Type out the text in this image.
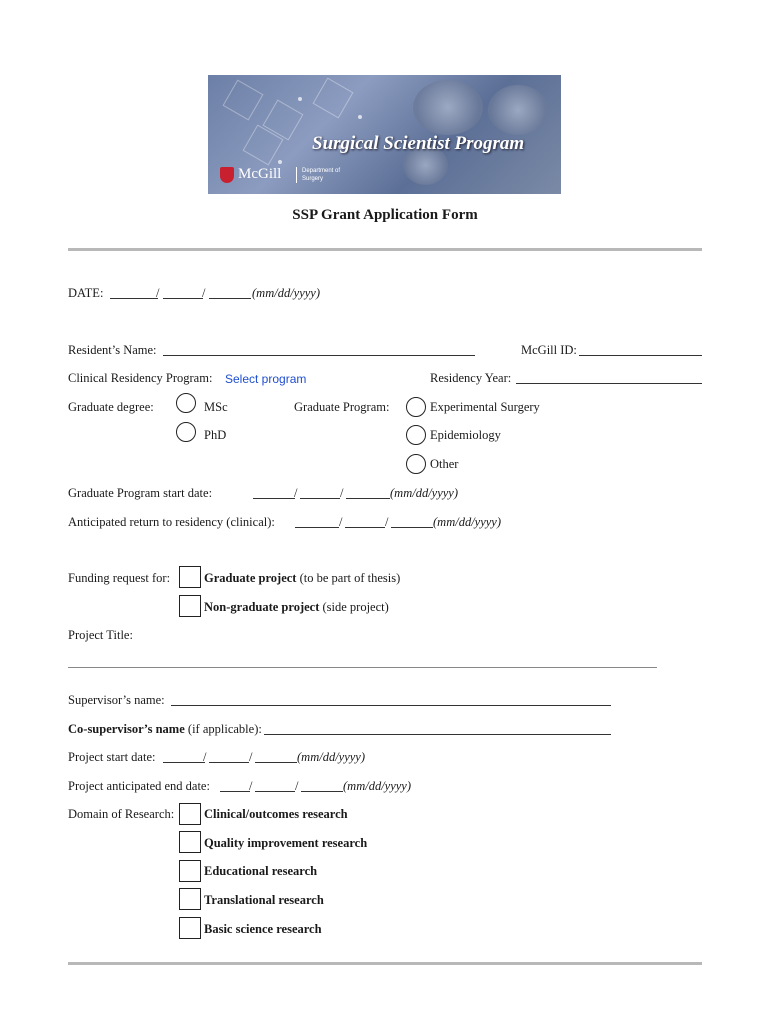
Surgical Scientist Program
McGill	Department of
Surgery
SSP Grant Application Form
DATE:	/	/	(mm/dd/yyyy)
Resident’s Name:	McGill ID:
Clinical Residency Program: Select program	Residency Year:
Graduate degree:	MSc
PhD
Graduate Program:	Experimental Surgery
Epidemiology
Other
Graduate Program start date:	/	/	(mm/dd/yyyy)
Anticipated return to residency (clinical):	/	/	(mm/dd/yyyy)
Funding request for:	Graduate project (to be part of thesis)
Non-graduate project (side project)
Project Title:
Supervisor’s name:
Co-supervisor’s name (if applicable):
Project start date:	/	/	(mm/dd/yyyy)
Project anticipated end date:	/	/	(mm/dd/yyyy)
Domain of Research: Clinical/outcomes research
Quality improvement research
Educational research
Translational research
Basic science research
